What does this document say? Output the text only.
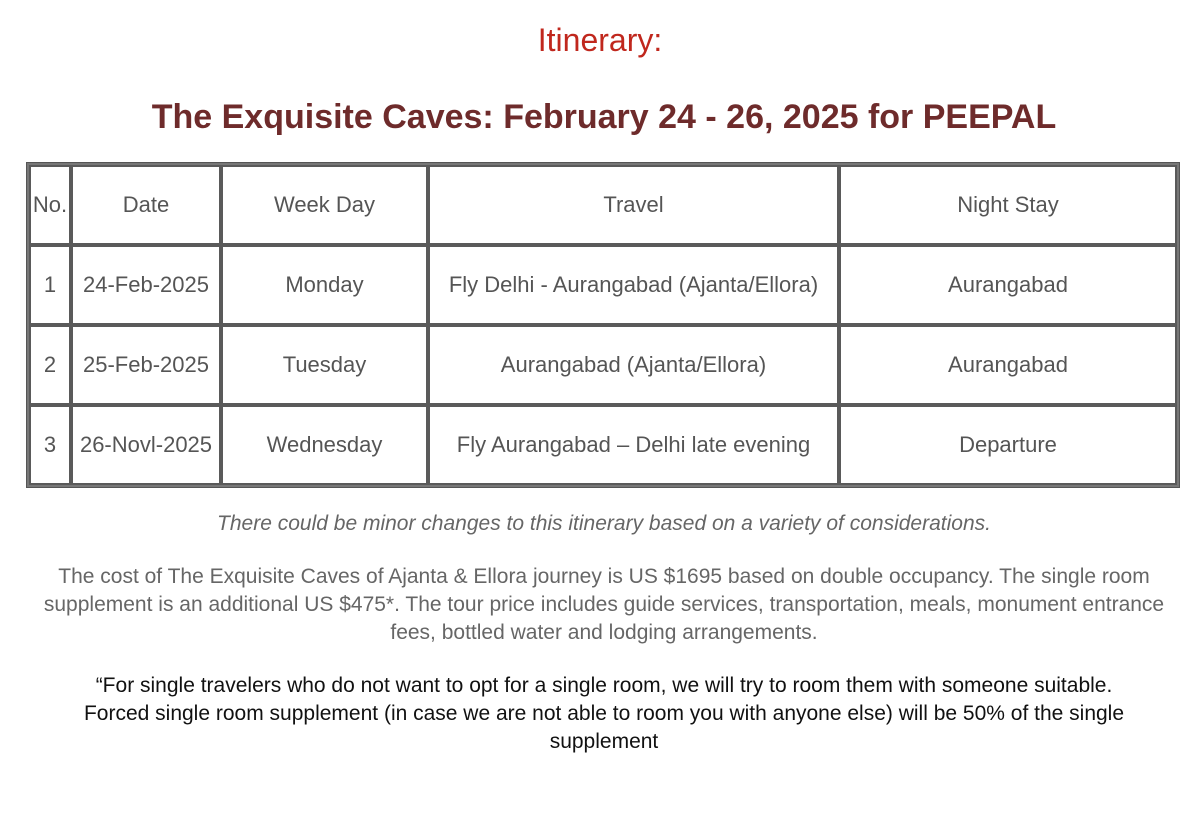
Itinerary:
The Exquisite Caves: February 24 - 26, 2025 for PEEPAL
No.	Date	Week Day	Travel	Night Stay
1	24-Feb-2025	Monday	Fly Delhi - Aurangabad (Ajanta/Ellora)	Aurangabad
2	25-Feb-2025	Tuesday	Aurangabad (Ajanta/Ellora)	Aurangabad
3	26-Novl-2025	Wednesday	Fly Aurangabad – Delhi late evening	Departure
There could be minor changes to this itinerary based on a variety of considerations.

The cost of The Exquisite Caves of Ajanta & Ellora journey is US $1695 based on double occupancy. The single room supplement is an additional US $475*. The tour price includes guide services, transportation, meals, monument entrance fees, bottled water and lodging arrangements.

“For single travelers who do not want to opt for a single room, we will try to room them with someone suitable.

Forced single room supplement (in case we are not able to room you with anyone else) will be 50% of the single supplement
